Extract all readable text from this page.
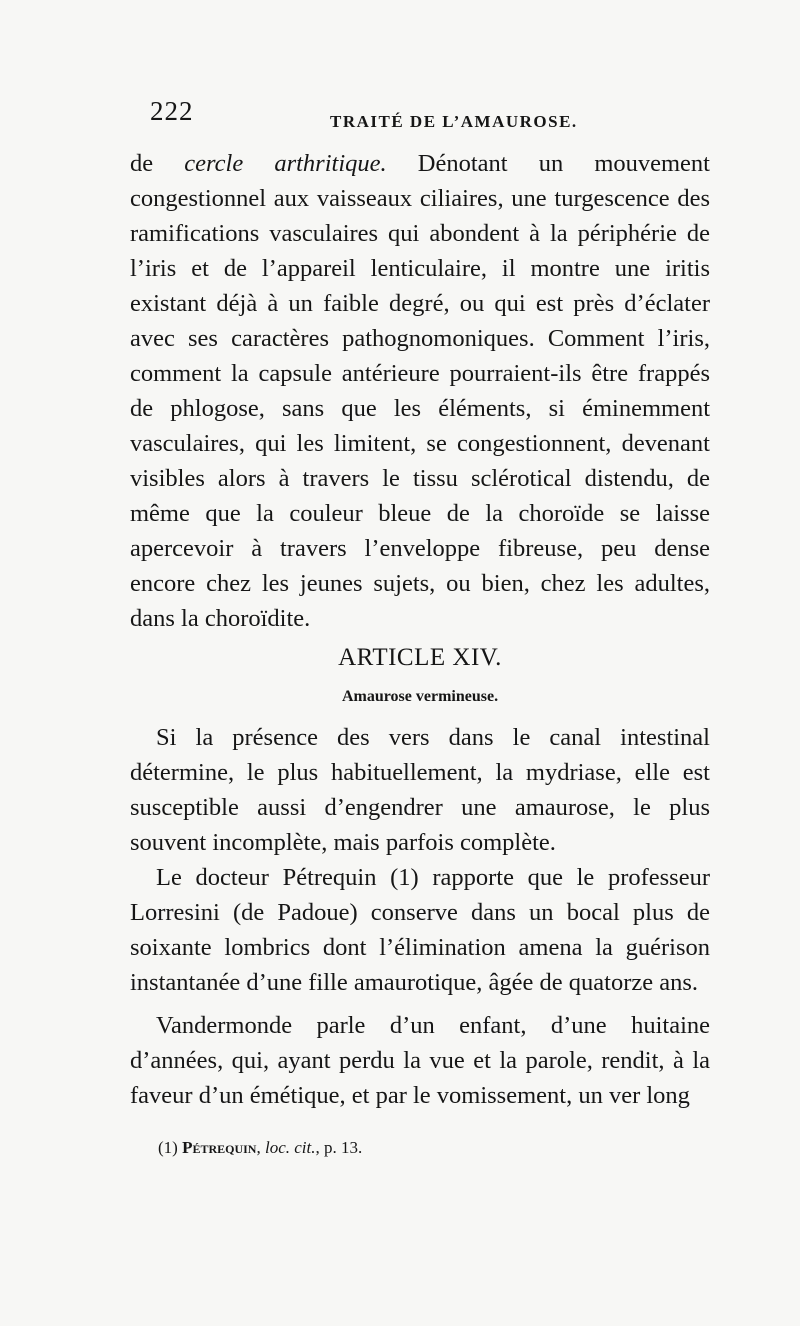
222	TRAITÉ DE L’AMAUROSE.

de cercle arthritique. Dénotant un mouvement congestionnel aux vaisseaux ciliaires, une turgescence des ramifications vasculaires qui abondent à la périphérie de l’iris et de l’appareil lenticulaire, il montre une iritis existant déjà à un faible degré, ou qui est près d’éclater avec ses caractères pathognomoniques. Comment l’iris, comment la capsule antérieure pourraient-ils être frappés de phlogose, sans que les éléments, si éminemment vasculaires, qui les limitent, se congestionnent, devenant visibles alors à travers le tissu sclérotical distendu, de même que la couleur bleue de la choroïde se laisse apercevoir à travers l’enveloppe fibreuse, peu dense encore chez les jeunes sujets, ou bien, chez les adultes, dans la choroïdite.

ARTICLE XIV.
Amaurose vermineuse.

Si la présence des vers dans le canal intestinal détermine, le plus habituellement, la mydriase, elle est susceptible aussi d’engendrer une amaurose, le plus souvent incomplète, mais parfois complète.

Le docteur Pétrequin (1) rapporte que le professeur Lorresini (de Padoue) conserve dans un bocal plus de soixante lombrics dont l’élimination amena la guérison instantanée d’une fille amaurotique, âgée de quatorze ans.

Vandermonde parle d’un enfant, d’une huitaine d’années, qui, ayant perdu la vue et la parole, rendit, à la faveur d’un émétique, et par le vomissement, un ver long

(1) Pétrequin, loc. cit., p. 13.
